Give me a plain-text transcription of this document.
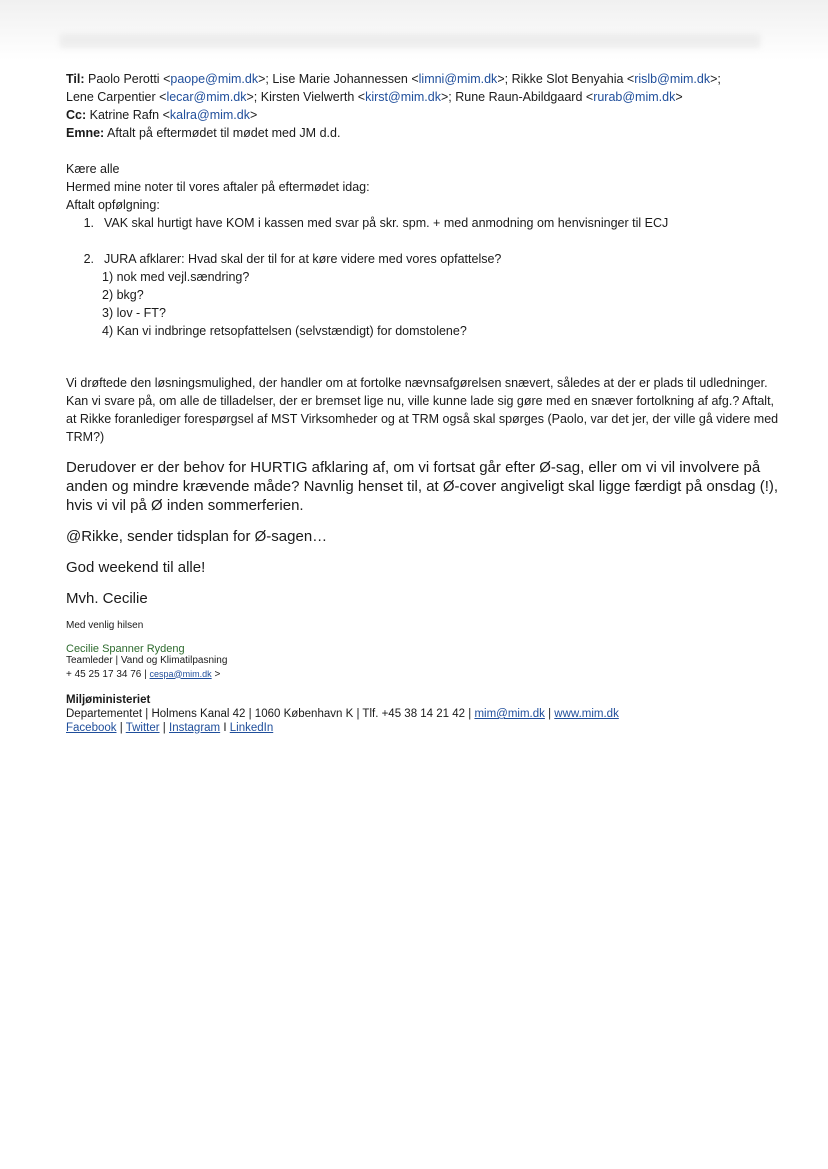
Til: Paolo Perotti <paope@mim.dk>; Lise Marie Johannessen <limni@mim.dk>; Rikke Slot Benyahia <rislb@mim.dk>;
Lene Carpentier <lecar@mim.dk>; Kirsten Vielwerth <kirst@mim.dk>; Rune Raun-Abildgaard <rurab@mim.dk>
Cc: Katrine Rafn <kalra@mim.dk>
Emne: Aftalt på eftermødet til mødet med JM d.d.
Kære alle
Hermed mine noter til vores aftaler på eftermødet idag:
Aftalt opfølgning:
1. VAK skal hurtigt have KOM i kassen med svar på skr. spm. + med anmodning om henvisninger til ECJ
2. JURA afklarer: Hvad skal der til for at køre videre med vores opfattelse?
1) nok med vejl.sændring?
2) bkg?
3) lov - FT?
4) Kan vi indbringe retsopfattelsen (selvstændigt) for domstolene?

Vi drøftede den løsningsmulighed, der handler om at fortolke nævnsafgørelsen snævert, således at der er plads til udledninger. Kan vi svare på, om alle de tilladelser, der er bremset lige nu, ville kunne lade sig gøre med en snæver fortolkning af afg.? Aftalt, at Rikke foranlediger forespørgsel af MST Virksomheder og at TRM også skal spørges (Paolo, var det jer, der ville gå videre med TRM?)

Derudover er der behov for HURTIG afklaring af, om vi fortsat går efter Ø-sag, eller om vi vil involvere på anden og mindre krævende måde? Navnlig henset til, at Ø-cover angiveligt skal ligge færdigt på onsdag (!), hvis vi vil på Ø inden sommerferien.

@Rikke, sender tidsplan for Ø-sagen…

God weekend til alle!

Mvh. Cecilie

Med venlig hilsen
Cecilie Spanner Rydeng
Teamleder | Vand og Klimatilpasning
+ 45 25 17 34 76 | cespa@mim.dk >
Miljøministeriet
Departementet | Holmens Kanal 42 | 1060 København K | Tlf. +45 38 14 21 42 | mim@mim.dk | www.mim.dk
Facebook | Twitter | Instagram I LinkedIn
